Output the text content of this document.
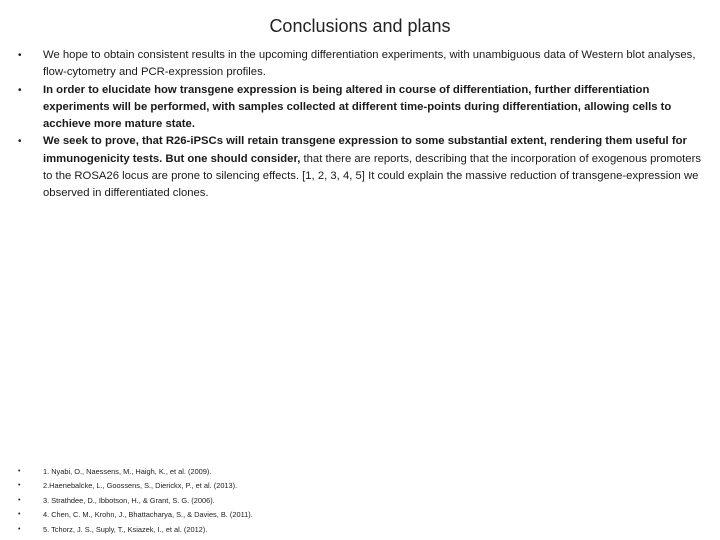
Conclusions and plans
• We hope to obtain consistent results in the upcoming differentiation experiments, with unambiguous data of Western blot analyses, flow-cytometry and PCR-expression profiles.
• In order to elucidate how transgene expression is being altered in course of differentiation, further differentiation experiments will be performed, with samples collected at different time-points during differentiation, allowing cells to acchieve more mature state.
• We seek to prove, that R26-iPSCs will retain transgene expression to some substantial extent, rendering them useful for immunogenicity tests. But one should consider, that there are reports, describing that the incorporation of exogenous promoters to the ROSA26 locus are prone to silencing effects. [1, 2, 3, 4, 5] It could explain the massive reduction of transgene-expression we observed in differentiated clones.
•	1. Nyabi, O., Naessens, M., Haigh, K., et al. (2009).
•	2.Haenebalcke, L., Goossens, S., Dierickx, P., et al. (2013).
•	3. Strathdee, D., Ibbotson, H., & Grant, S. G. (2006).
•	4. Chen, C. M., Krohn, J., Bhattacharya, S., & Davies, B. (2011).
•	5. Tchorz, J. S., Suply, T., Ksiazek, I., et al. (2012).
